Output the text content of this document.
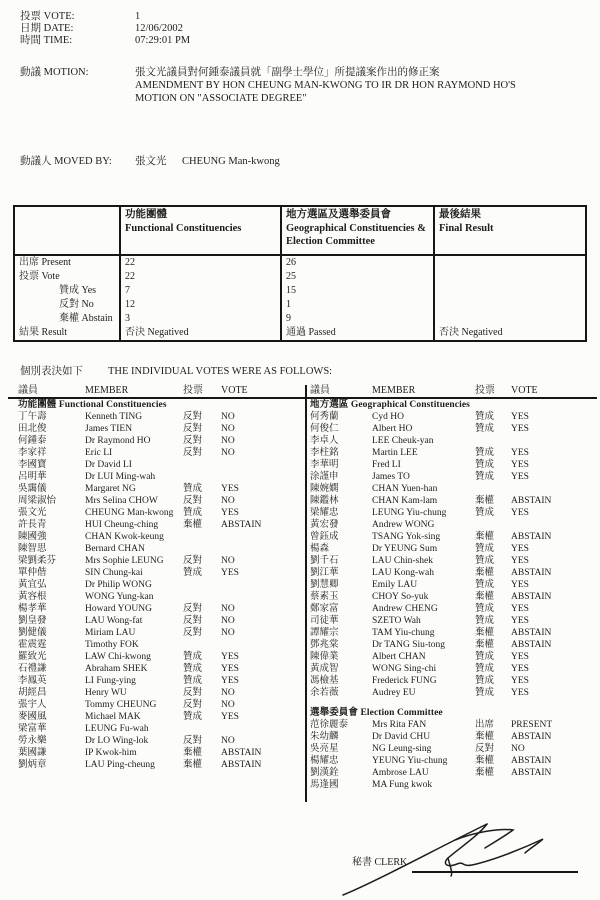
投票 VOTE:	1
日期 DATE:	12/06/2002
時間 TIME:	07:29:01 PM
動議 MOTION:	張文光議員對何鍾泰議員就「副學士學位」所提議案作出的修正案
AMENDMENT BY HON CHEUNG MAN-KWONG TO IR DR HON RAYMOND HO'S
MOTION ON "ASSOCIATE DEGREE"
動議人 MOVED BY:	張文光	CHEUNG Man-kwong
功能團體
Functional Constituencies
地方選區及選舉委員會
Geographical Constituencies &
Election Committee
最後結果
Final Result
出席 Present	22	26
投票 Vote	22	25
贊成 Yes	7	15
反對 No	12	1
棄權 Abstain	3	9
結果 Result	否決 Negatived	通過 Passed	否決 Negatived
個別表決如下	THE INDIVIDUAL VOTES WERE AS FOLLOWS:
議員	MEMBER	投票	VOTE
功能團體 Functional Constituencies
丁午壽	Kenneth TING	反對	NO
田北俊	James TIEN	反對	NO
何鍾泰	Dr Raymond HO	反對	NO
李家祥	Eric LI	反對	NO
李國寶	Dr David LI
呂明華	Dr LUI Ming-wah
吳靄儀	Margaret NG	贊成	YES
周梁淑怡	Mrs Selina CHOW	反對	NO
張文光	CHEUNG Man-kwong	贊成	YES
許長青	HUI Cheung-ching	棄權	ABSTAIN
陳國強	CHAN Kwok-keung
陳智思	Bernard CHAN
梁劉柔芬	Mrs Sophie LEUNG	反對	NO
單仲偕	SIN Chung-kai	贊成	YES
黃宜弘	Dr Philip WONG
黃容根	WONG Yung-kan
楊孝華	Howard YOUNG	反對	NO
劉皇發	LAU Wong-fat	反對	NO
劉健儀	Miriam LAU	反對	NO
霍震霆	Timothy FOK
羅致光	LAW Chi-kwong	贊成	YES
石禮謙	Abraham SHEK	贊成	YES
李鳳英	LI Fung-ying	贊成	YES
胡經昌	Henry WU	反對	NO
張宇人	Tommy CHEUNG	反對	NO
麥國風	Michael MAK	贊成	YES
梁富華	LEUNG Fu-wah
勞永樂	Dr LO Wing-lok	反對	NO
葉國謙	IP Kwok-him	棄權	ABSTAIN
劉炳章	LAU Ping-cheung	棄權	ABSTAIN
議員	MEMBER	投票	VOTE
地方選區 Geographical Constituencies
何秀蘭	Cyd HO	贊成	YES
何俊仁	Albert HO	贊成	YES
李卓人	LEE Cheuk-yan
李柱銘	Martin LEE	贊成	YES
李華明	Fred LI	贊成	YES
涂謹申	James TO	贊成	YES
陳婉嫻	CHAN Yuen-han
陳鑑林	CHAN Kam-lam	棄權	ABSTAIN
梁耀忠	LEUNG Yiu-chung	贊成	YES
黃宏發	Andrew WONG
曾鈺成	TSANG Yok-sing	棄權	ABSTAIN
楊森	Dr YEUNG Sum	贊成	YES
劉千石	LAU Chin-shek	贊成	YES
劉江華	LAU Kong-wah	棄權	ABSTAIN
劉慧卿	Emily LAU	贊成	YES
蔡素玉	CHOY So-yuk	棄權	ABSTAIN
鄭家富	Andrew CHENG	贊成	YES
司徒華	SZETO Wah	贊成	YES
譚耀宗	TAM Yiu-chung	棄權	ABSTAIN
鄧兆棠	Dr TANG Siu-tong	棄權	ABSTAIN
陳偉業	Albert CHAN	贊成	YES
黃成智	WONG Sing-chi	贊成	YES
馮檢基	Frederick FUNG	贊成	YES
余若薇	Audrey EU	贊成	YES
選舉委員會 Election Committee
范徐麗泰	Mrs Rita FAN	出席	PRESENT
朱幼麟	Dr David CHU	棄權	ABSTAIN
吳亮星	NG Leung-sing	反對	NO
楊耀忠	YEUNG Yiu-chung	棄權	ABSTAIN
劉漢銓	Ambrose LAU	棄權	ABSTAIN
馬逢國	MA Fung kwok
秘書 CLERK
